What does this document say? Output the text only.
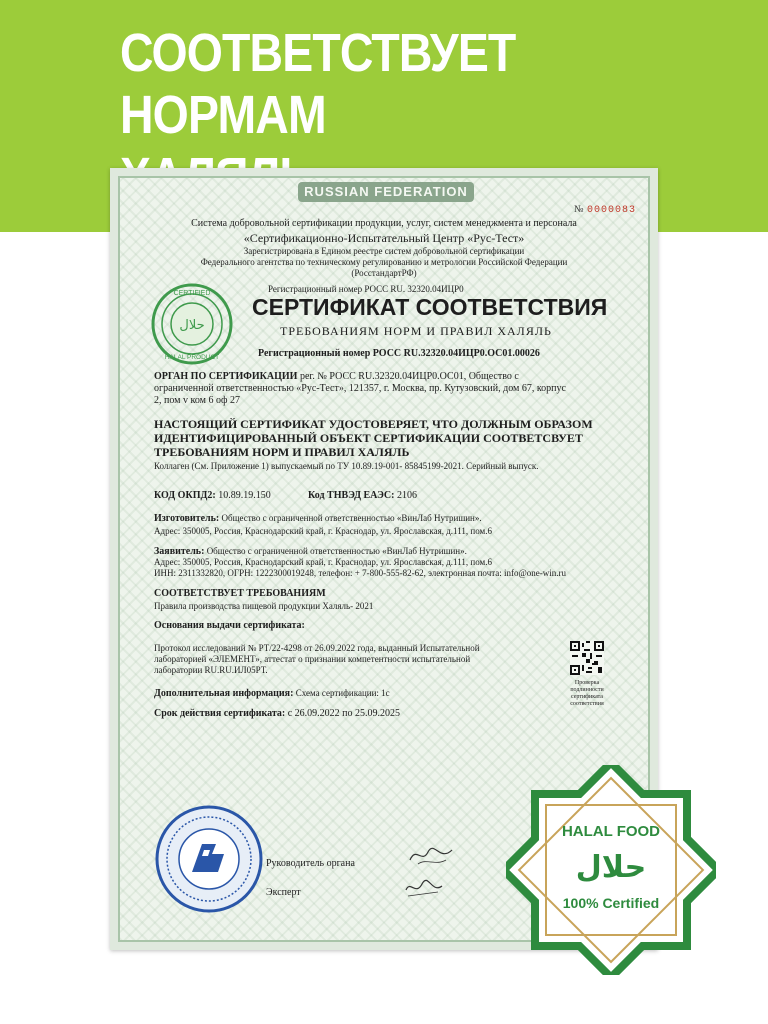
СООТВЕТСТВУЕТ НОРМАМ

RUSSIAN FEDERATION
№ 0000083
Система добровольной сертификации продукции, услуг, систем менеджмента и персонала
«Сертификационно-Испытательный Центр «Рус-Тест»
Зарегистрирована в Едином реестре систем добровольной сертификации
Федерального агентства по техническому регулированию и метрологии Российской Федерации
(РосстандартРФ)
Регистрационный номер РОСС RU. 32320.04ИЦР0
CERTIFIED
حلال
HALAL PRODUCT
СЕРТИФИКАТ СООТВЕТСТВИЯ
ТРЕБОВАНИЯМ НОРМ И ПРАВИЛ ХАЛЯЛЬ
Регистрационный номер РОСС RU.32320.04ИЦР0.ОС01.00026
ОРГАН ПО СЕРТИФИКАЦИИ рег. № РОСС RU.32320.04ИЦР0.ОС01, Общество с
ограниченной ответственностью «Рус-Тест», 121357, г. Москва, пр. Кутузовский, дом 67, корпус
2, пом v ком 6 оф 27
НАСТОЯЩИЙ СЕРТИФИКАТ УДОСТОВЕРЯЕТ, ЧТО ДОЛЖНЫМ ОБРАЗОМ
ИДЕНТИФИЦИРОВАННЫЙ ОБЪЕКТ СЕРТИФИКАЦИИ СООТВЕТСВУЕТ
ТРЕБОВАНИЯМ НОРМ И ПРАВИЛ ХАЛЯЛЬ
Коллаген (См. Приложение 1) выпускаемый по ТУ 10.89.19-001- 85845199-2021. Серийный выпуск.
КОД ОКПД2: 10.89.19.150	Код ТНВЭД ЕАЭС: 2106
Изготовитель: Общество с ограниченной ответственностью «ВинЛаб Нутришин».
Адрес: 350005, Россия, Краснодарский край, г. Краснодар, ул. Ярославская, д.111, пом.6
Заявитель: Общество с ограниченной ответственностью «ВинЛаб Нутришин».
Адрес: 350005, Россия, Краснодарский край, г. Краснодар, ул. Ярославская, д.111, пом.6
ИНН: 2311332820, ОГРН: 1222300019248, телефон: + 7-800-555-82-62, электронная почта: info@one-win.ru
СООТВЕТСТВУЕТ ТРЕБОВАНИЯМ
Правила производства пищевой продукции Халяль- 2021
Основания выдачи сертификата:
Протокол исследований № РТ/22-4298 от 26.09.2022 года, выданный Испытательной
лабораторией «ЭЛЕМЕНТ», аттестат о признании компетентности испытательной
лаборатории RU.RU.ИЛ05РТ.
Проверка
подлинности
сертификата
соответствия
Дополнительная информация: Схема сертификации: 1с
Срок действия сертификата: с 26.09.2022 по 25.09.2025
Руководитель органа
Эксперт
HALAL FOOD
حلال
100% Certified
